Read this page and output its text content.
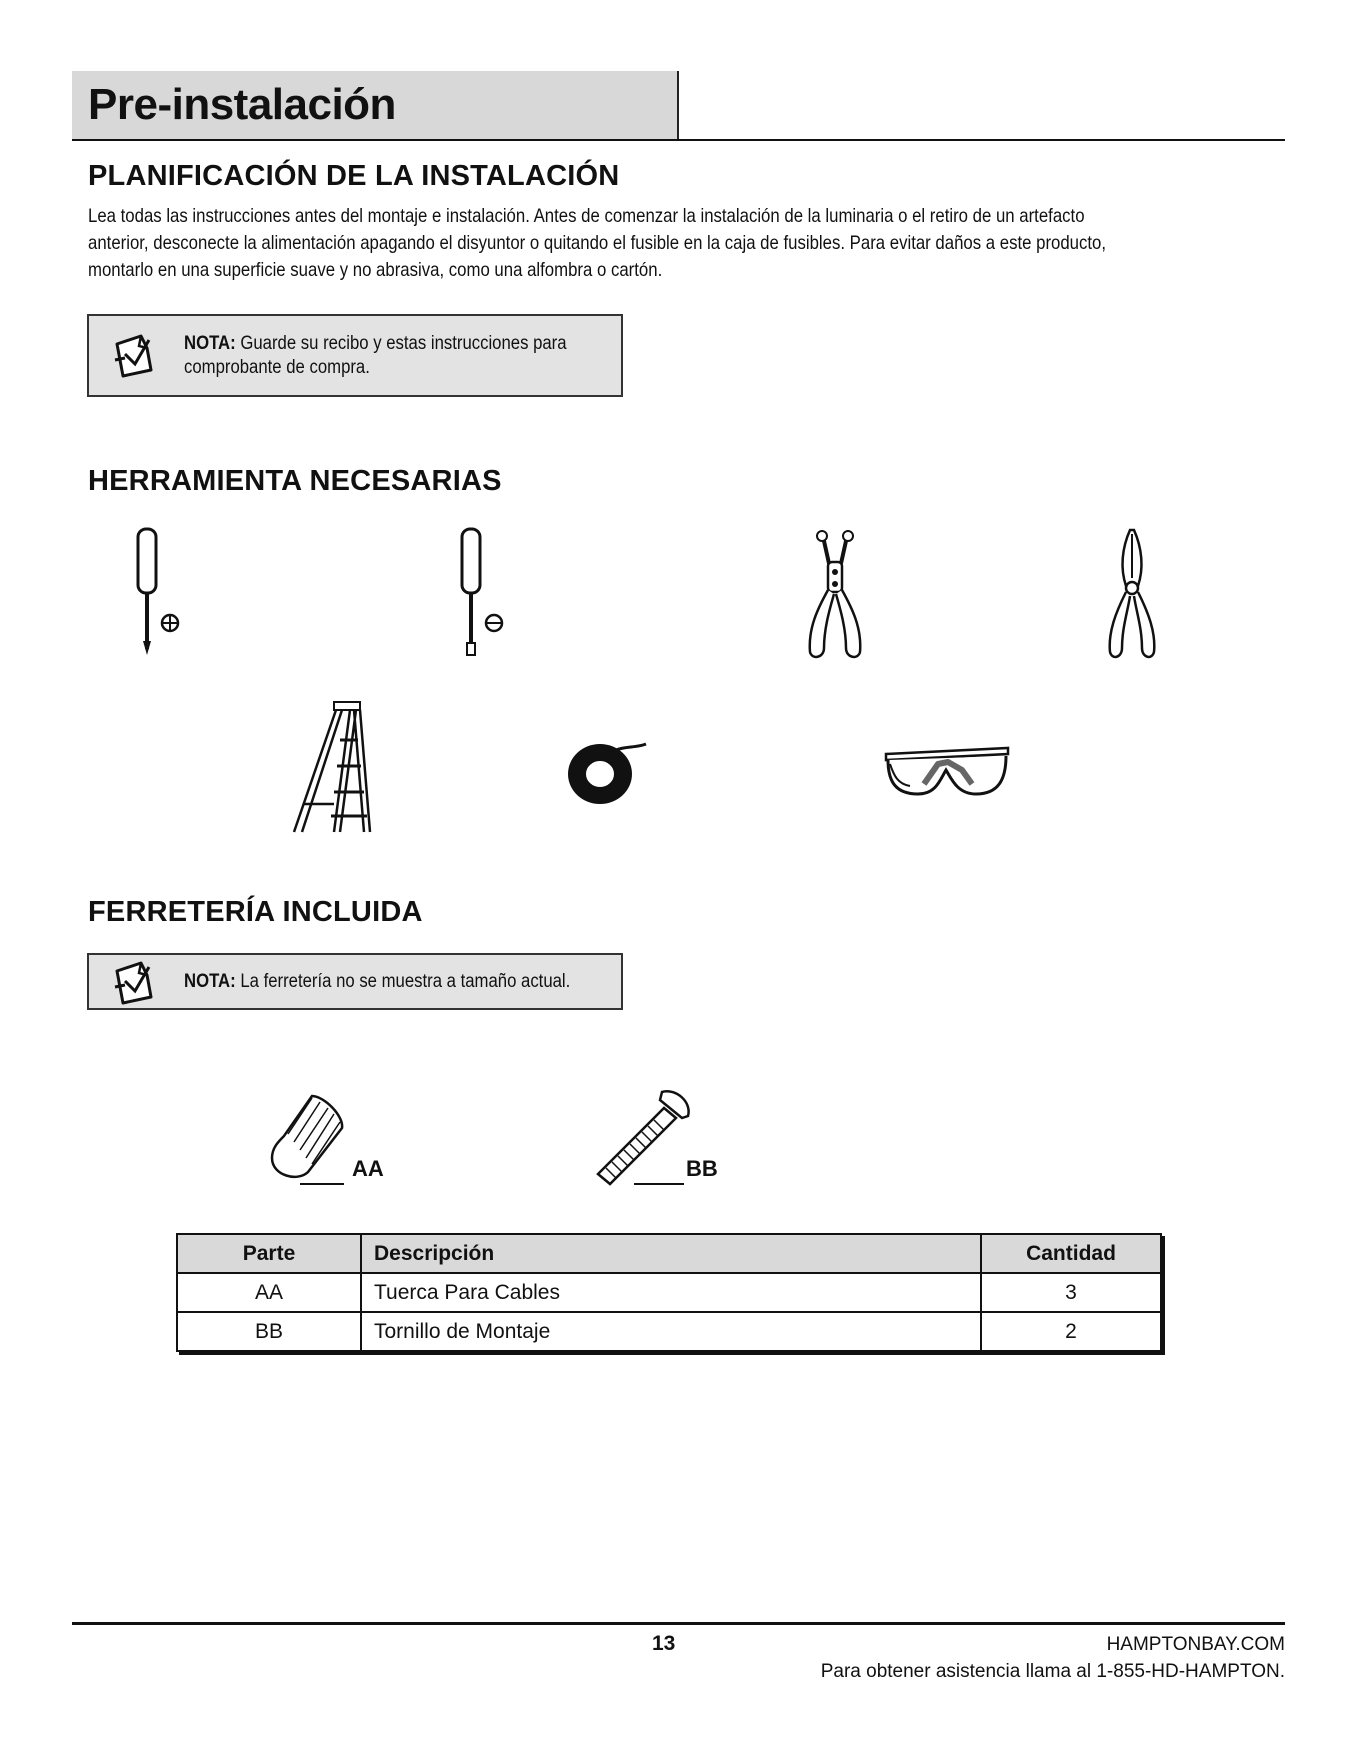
Pre-instalación
PLANIFICACIÓN DE LA INSTALACIÓN
Lea todas las instrucciones antes del montaje e instalación. Antes de comenzar la instalación de la luminaria o el retiro de un artefacto
anterior, desconecte la alimentación apagando el disyuntor o quitando el fusible en la caja de fusibles. Para evitar daños a este producto,
montarlo en una superficie suave y no abrasiva, como una alfombra o cartón.
NOTA: Guarde su recibo y estas instrucciones para
comprobante de compra.
HERRAMIENTA NECESARIAS
FERRETERÍA INCLUIDA
NOTA: La ferretería no se muestra a tamaño actual.
AA	BB
Parte	Descripción	Cantidad
AA	Tuerca Para Cables	3
BB	Tornillo de Montaje	2
13	HAMPTONBAY.COM
Para obtener asistencia llama al 1-855-HD-HAMPTON.
